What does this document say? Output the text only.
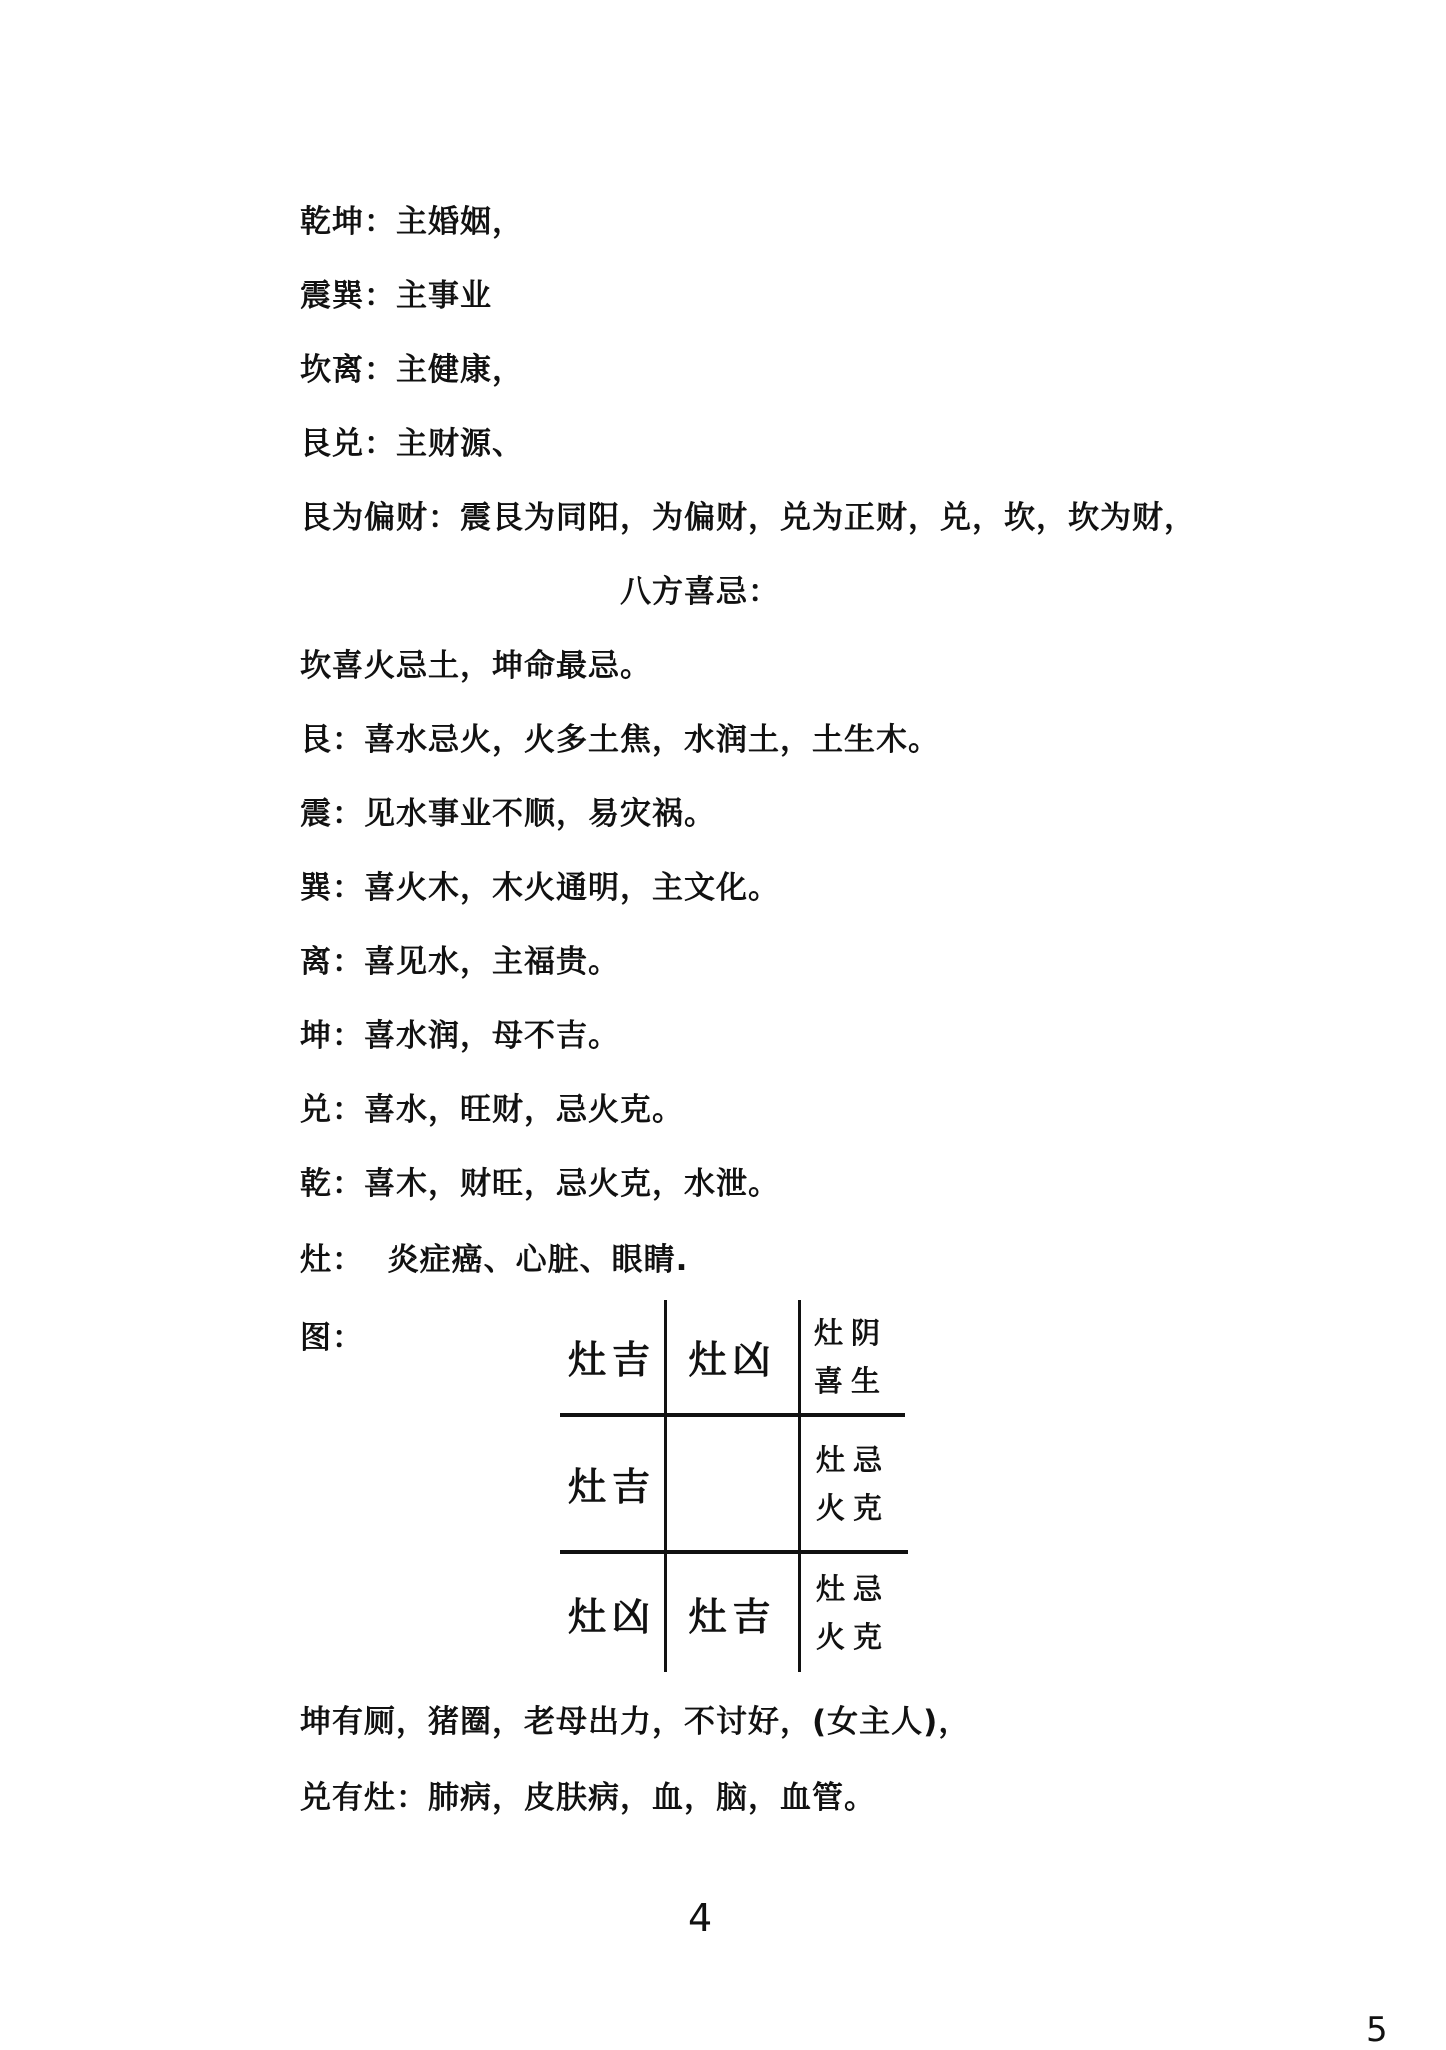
乾坤：主婚姻，
震巽：主事业
坎离：主健康，
艮兑：主财源、
艮为偏财：震艮为同阳，为偏财，兑为正财，兑，坎，坎为财，
八方喜忌：
坎喜火忌土，坤命最忌。
艮：喜水忌火，火多土焦，水润土，土生木。
震：见水事业不顺，易灾祸。
巽：喜火木，木火通明，主文化。
离：喜见水，主福贵。
坤：喜水润，母不吉。
兑：喜水，旺财，忌火克。
乾：喜木，财旺，忌火克，水泄。
灶：  炎症癌、心脏、眼睛.
图：	灶吉 灶凶
灶阴
喜生
灶吉
灶忌
火克
灶凶 灶吉
灶忌
火克
坤有厕，猪圈，老母出力，不讨好，(女主人)，
兑有灶：肺病，皮肤病，血，脑，血管。
4
5
